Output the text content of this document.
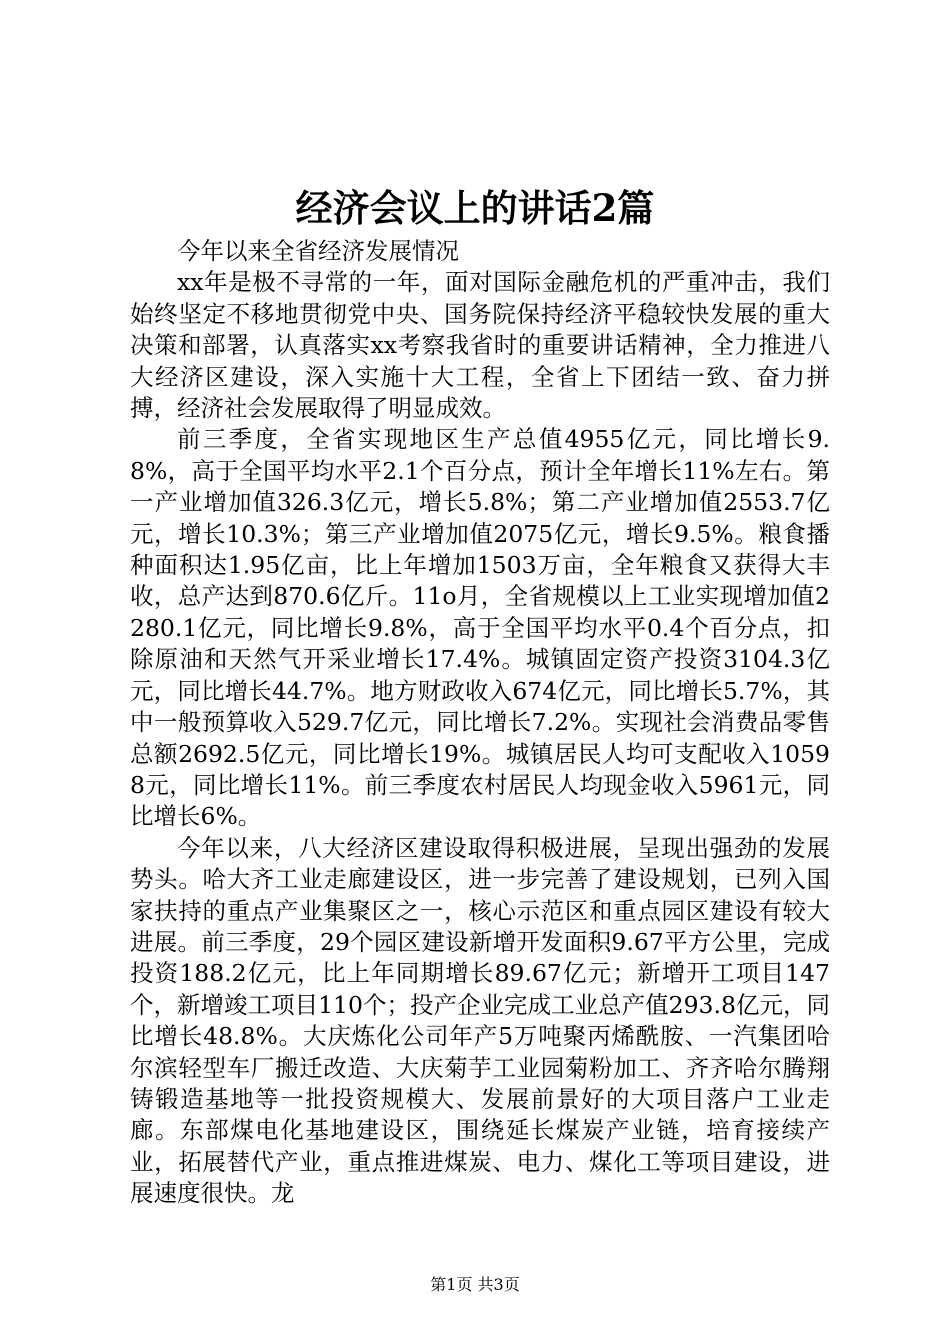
经济会议上的讲话2篇

今年以来全省经济发展情况

xx年是极不寻常的一年，面对国际金融危机的严重冲击，我们始终坚定不移地贯彻党中央、国务院保持经济平稳较快发展的重大决策和部署，认真落实xx考察我省时的重要讲话精神，全力推进八大经济区建设，深入实施十大工程，全省上下团结一致、奋力拼搏，经济社会发展取得了明显成效。

前三季度，全省实现地区生产总值4955亿元，同比增长9.8%，高于全国平均水平2.1个百分点，预计全年增长11%左右。第一产业增加值326.3亿元，增长5.8%；第二产业增加值2553.7亿元，增长10.3%；第三产业增加值2075亿元，增长9.5%。粮食播种面积达1.95亿亩，比上年增加1503万亩，全年粮食又获得大丰收，总产达到870.6亿斤。11o月，全省规模以上工业实现增加值2280.1亿元，同比增长9.8%，高于全国平均水平0.4个百分点，扣除原油和天然气开采业增长17.4%。城镇固定资产投资3104.3亿元，同比增长44.7%。地方财政收入674亿元，同比增长5.7%，其中一般预算收入529.7亿元，同比增长7.2%。实现社会消费品零售总额2692.5亿元，同比增长19%。城镇居民人均可支配收入10598元，同比增长11%。前三季度农村居民人均现金收入5961元，同比增长6%。

今年以来，八大经济区建设取得积极进展，呈现出强劲的发展势头。哈大齐工业走廊建设区，进一步完善了建设规划，已列入国家扶持的重点产业集聚区之一，核心示范区和重点园区建设有较大进展。前三季度，29个园区建设新增开发面积9.67平方公里，完成投资188.2亿元，比上年同期增长89.67亿元；新增开工项目147个，新增竣工项目110个；投产企业完成工业总产值293.8亿元，同比增长48.8%。大庆炼化公司年产5万吨聚丙烯酰胺、一汽集团哈尔滨轻型车厂搬迁改造、大庆菊芋工业园菊粉加工、齐齐哈尔腾翔铸锻造基地等一批投资规模大、发展前景好的大项目落户工业走廊。东部煤电化基地建设区，围绕延长煤炭产业链，培育接续产业，拓展替代产业，重点推进煤炭、电力、煤化工等项目建设，进展速度很快。龙

第1页 共3页
